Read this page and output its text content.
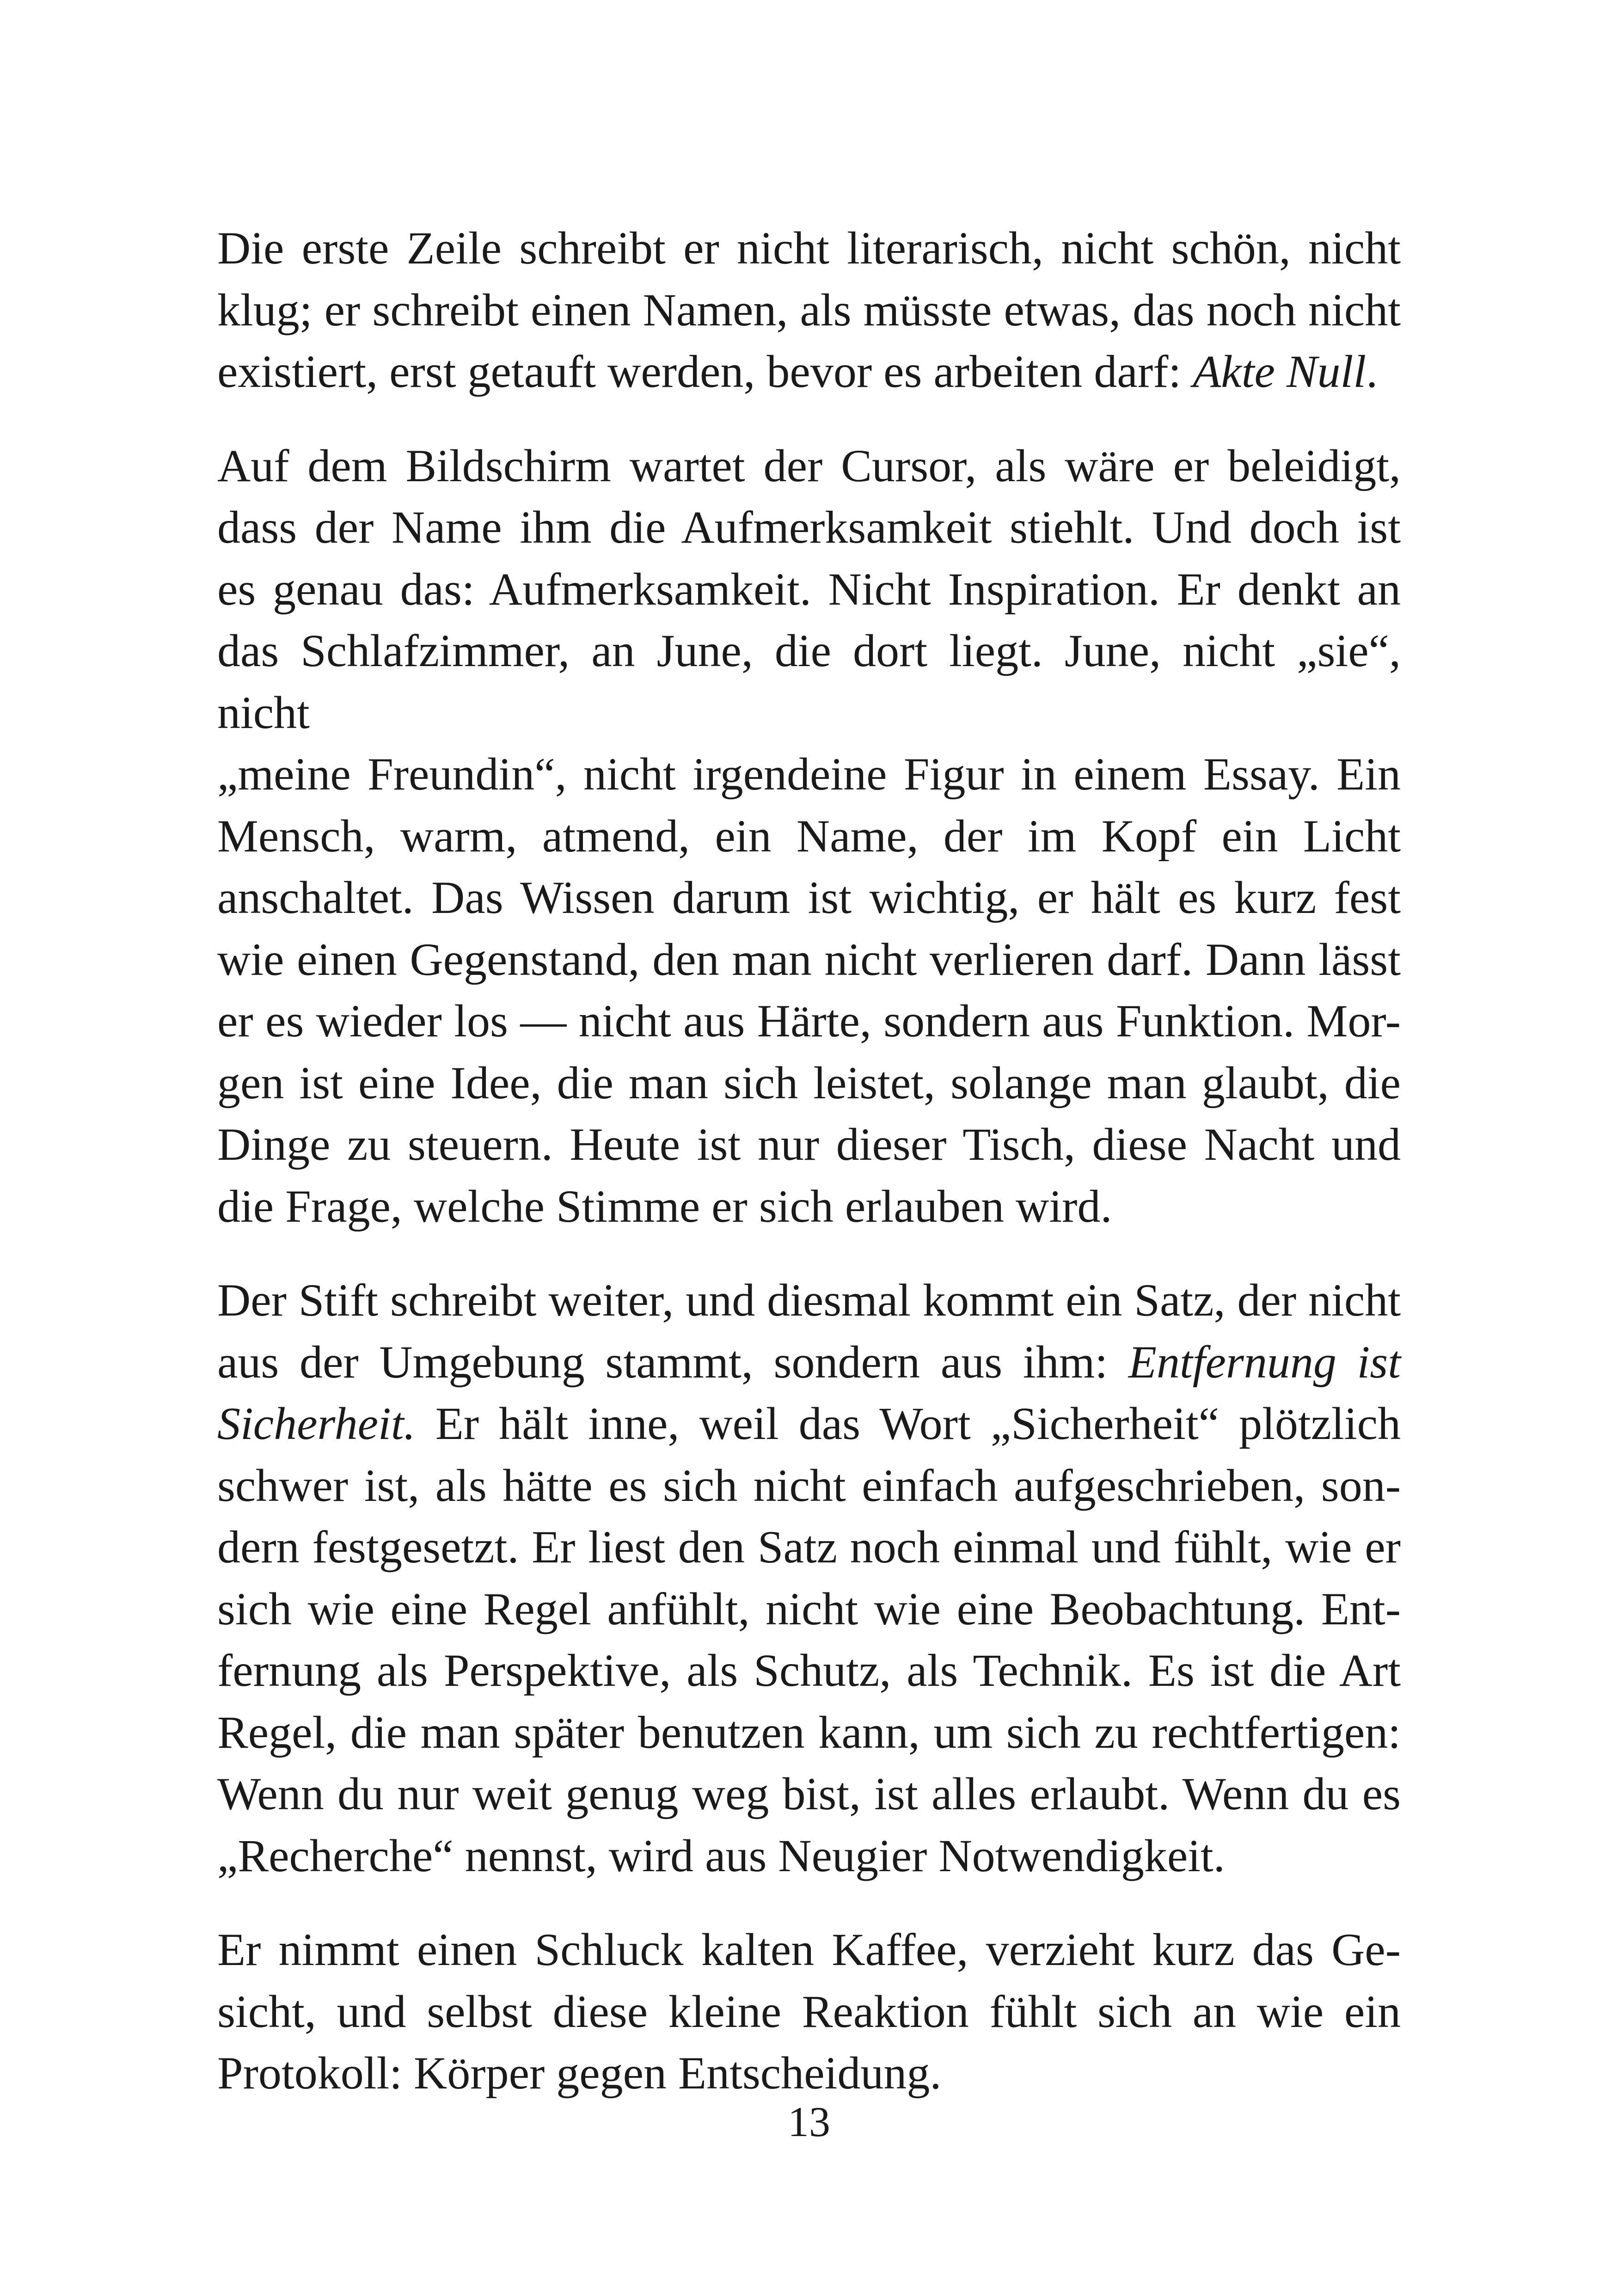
Die erste Zeile schreibt er nicht literarisch, nicht schön, nicht
klug; er schreibt einen Namen, als müsste etwas, das noch nicht
existiert, erst getauft werden, bevor es arbeiten darf: Akte Null.

Auf dem Bildschirm wartet der Cursor, als wäre er beleidigt,
dass der Name ihm die Aufmerksamkeit stiehlt. Und doch ist
es genau das: Aufmerksamkeit. Nicht Inspiration. Er denkt an
das Schlafzimmer, an June, die dort liegt. June, nicht „sie“, nicht
„meine Freundin“, nicht irgendeine Figur in einem Essay. Ein
Mensch, warm, atmend, ein Name, der im Kopf ein Licht
anschaltet. Das Wissen darum ist wichtig, er hält es kurz fest
wie einen Gegenstand, den man nicht verlieren darf. Dann lässt
er es wieder los — nicht aus Härte, sondern aus Funktion. Mor-
gen ist eine Idee, die man sich leistet, solange man glaubt, die
Dinge zu steuern. Heute ist nur dieser Tisch, diese Nacht und
die Frage, welche Stimme er sich erlauben wird.

Der Stift schreibt weiter, und diesmal kommt ein Satz, der nicht
aus der Umgebung stammt, sondern aus ihm: Entfernung ist
Sicherheit. Er hält inne, weil das Wort „Sicherheit“ plötzlich
schwer ist, als hätte es sich nicht einfach aufgeschrieben, son-
dern festgesetzt. Er liest den Satz noch einmal und fühlt, wie er
sich wie eine Regel anfühlt, nicht wie eine Beobachtung. Ent-
fernung als Perspektive, als Schutz, als Technik. Es ist die Art
Regel, die man später benutzen kann, um sich zu rechtfertigen:
Wenn du nur weit genug weg bist, ist alles erlaubt. Wenn du es
„Recherche“ nennst, wird aus Neugier Notwendigkeit.

Er nimmt einen Schluck kalten Kaffee, verzieht kurz das Ge-
sicht, und selbst diese kleine Reaktion fühlt sich an wie ein
Protokoll: Körper gegen Entscheidung.

13
